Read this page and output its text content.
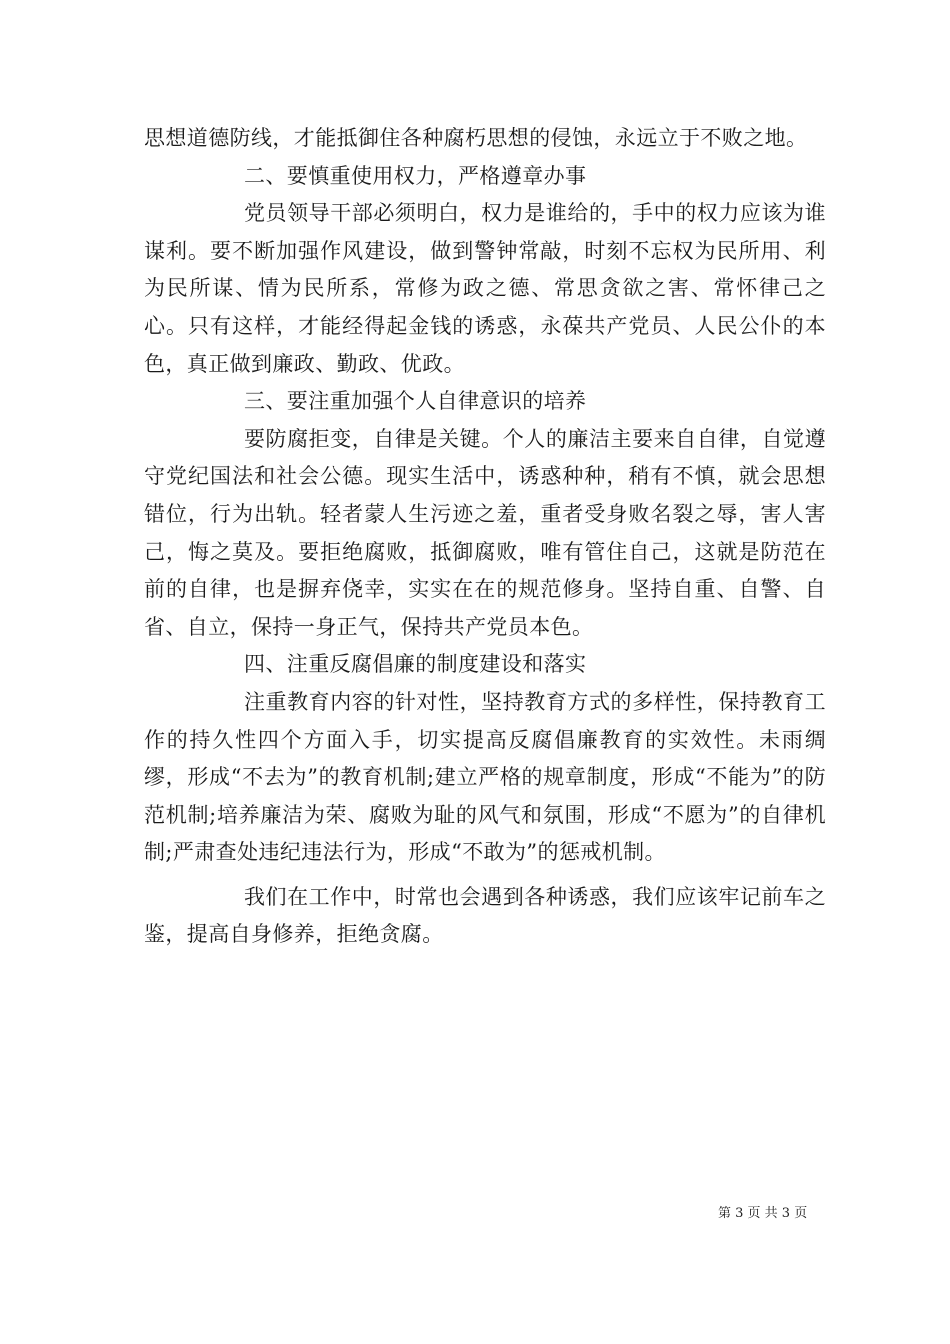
思想道德防线，才能抵御住各种腐朽思想的侵蚀，永远立于不败之地。

二、要慎重使用权力，严格遵章办事

党员领导干部必须明白，权力是谁给的，手中的权力应该为谁谋利。要不断加强作风建设，做到警钟常敲，时刻不忘权为民所用、利为民所谋、情为民所系，常修为政之德、常思贪欲之害、常怀律己之心。只有这样，才能经得起金钱的诱惑，永葆共产党员、人民公仆的本色，真正做到廉政、勤政、优政。

三、要注重加强个人自律意识的培养

要防腐拒变，自律是关键。个人的廉洁主要来自自律，自觉遵守党纪国法和社会公德。现实生活中，诱惑种种，稍有不慎，就会思想错位，行为出轨。轻者蒙人生污迹之羞，重者受身败名裂之辱，害人害己，悔之莫及。要拒绝腐败，抵御腐败，唯有管住自己，这就是防范在前的自律，也是摒弃侥幸，实实在在的规范修身。坚持自重、自警、自省、自立，保持一身正气，保持共产党员本色。

四、注重反腐倡廉的制度建设和落实

注重教育内容的针对性，坚持教育方式的多样性，保持教育工作的持久性四个方面入手，切实提高反腐倡廉教育的实效性。未雨绸缪，形成“不去为”的教育机制;建立严格的规章制度，形成“不能为”的防范机制;培养廉洁为荣、腐败为耻的风气和氛围，形成“不愿为”的自律机制;严肃查处违纪违法行为，形成“不敢为”的惩戒机制。

我们在工作中，时常也会遇到各种诱惑，我们应该牢记前车之鉴，提高自身修养，拒绝贪腐。

第 3 页 共 3 页
